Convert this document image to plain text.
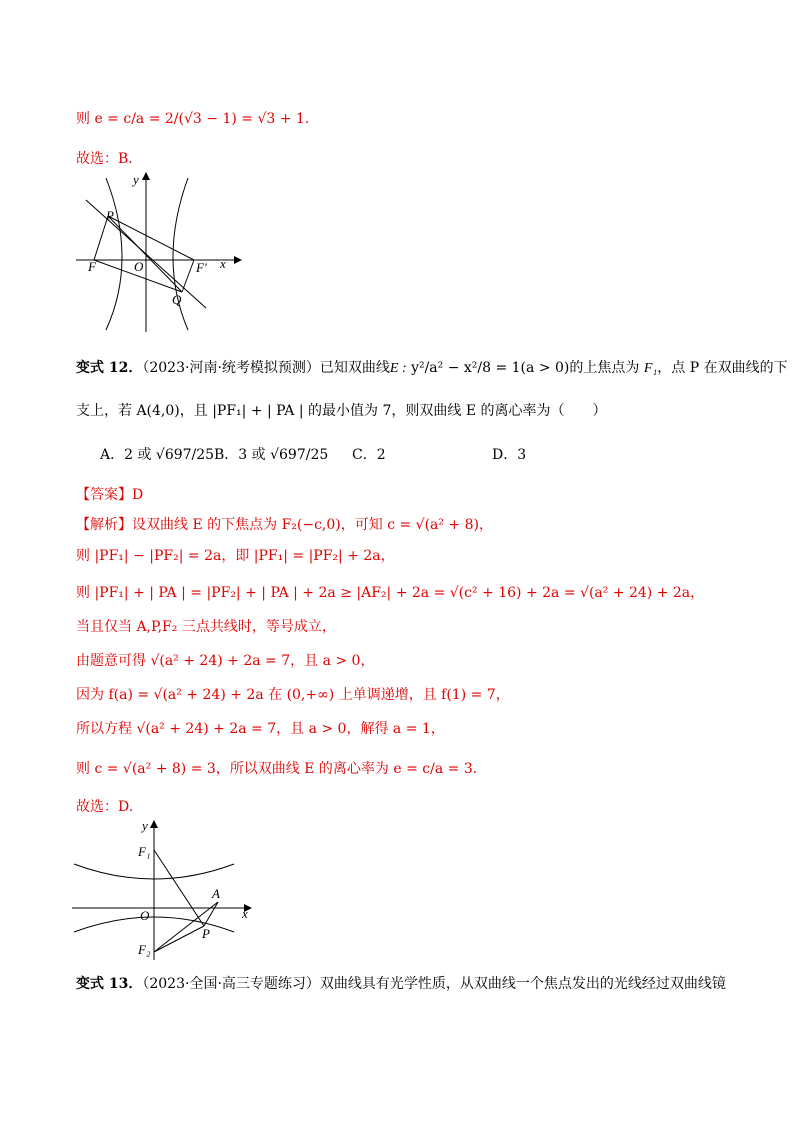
则 e = c/a = 2/(√3 − 1) = √3 + 1.
故选：B.
y
x
P
F	O	F′
Q
变式 12．（2023·河南·统考模拟预测）已知双曲线E : y²/a² − x²/8 = 1(a > 0)的上焦点为 F₁，点 P 在双曲线的下
支上，若 A(4,0)，且 |PF₁| + | PA | 的最小值为 7，则双曲线 E 的离心率为（　　）
A．2 或 √697/25 B．3 或 √697/25 C．2	D．3
【答案】D
【解析】设双曲线 E 的下焦点为 F₂(−c,0)，可知 c = √(a² + 8)，
则 |PF₁| − |PF₂| = 2a，即 |PF₁| = |PF₂| + 2a，
则 |PF₁| + | PA | = |PF₂| + | PA | + 2a ≥ |AF₂| + 2a = √(c² + 16) + 2a = √(a² + 24) + 2a，
当且仅当 A,P,F₂ 三点共线时，等号成立，
由题意可得 √(a² + 24) + 2a = 7，且 a > 0，
因为 f(a) = √(a² + 24) + 2a 在 (0,+∞) 上单调递增，且 f(1) = 7，
所以方程 √(a² + 24) + 2a = 7，且 a > 0，解得 a = 1，
则 c = √(a² + 8) = 3，所以双曲线 E 的离心率为 e = c/a = 3.
故选：D.
y
x
F₁
O
A
P
F₂
变式 13．（2023·全国·高三专题练习）双曲线具有光学性质，从双曲线一个焦点发出的光线经过双曲线镜
